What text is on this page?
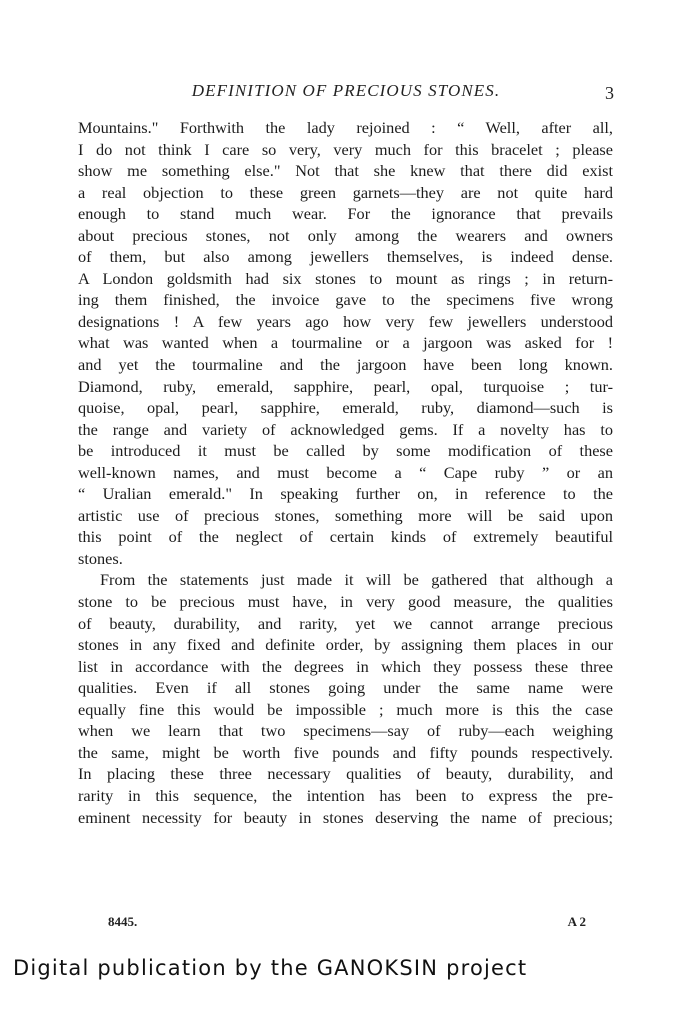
DEFINITION OF PRECIOUS STONES.	3
Mountains." Forthwith the lady rejoined : “ Well, after all,
I do not think I care so very, very much for this bracelet ; please
show me something else." Not that she knew that there did exist
a real objection to these green garnets—they are not quite hard
enough to stand much wear. For the ignorance that prevails
about precious stones, not only among the wearers and owners
of them, but also among jewellers themselves, is indeed dense.
A London goldsmith had six stones to mount as rings ; in return-
ing them finished, the invoice gave to the specimens five wrong
designations ! A few years ago how very few jewellers understood
what was wanted when a tourmaline or a jargoon was asked for !
and yet the tourmaline and the jargoon have been long known.
Diamond, ruby, emerald, sapphire, pearl, opal, turquoise ; tur-
quoise, opal, pearl, sapphire, emerald, ruby, diamond—such is
the range and variety of acknowledged gems. If a novelty has to
be introduced it must be called by some modification of these
well-known names, and must become a “ Cape ruby ” or an
“ Uralian emerald." In speaking further on, in reference to the
artistic use of precious stones, something more will be said upon
this point of the neglect of certain kinds of extremely beautiful
stones.
From the statements just made it will be gathered that although a
stone to be precious must have, in very good measure, the qualities
of beauty, durability, and rarity, yet we cannot arrange precious
stones in any fixed and definite order, by assigning them places in our
list in accordance with the degrees in which they possess these three
qualities. Even if all stones going under the same name were
equally fine this would be impossible ; much more is this the case
when we learn that two specimens—say of ruby—each weighing
the same, might be worth five pounds and fifty pounds respectively.
In placing these three necessary qualities of beauty, durability, and
rarity in this sequence, the intention has been to express the pre-
eminent necessity for beauty in stones deserving the name of precious;
8445.	A 2
Digital publication by the GANOKSIN project
